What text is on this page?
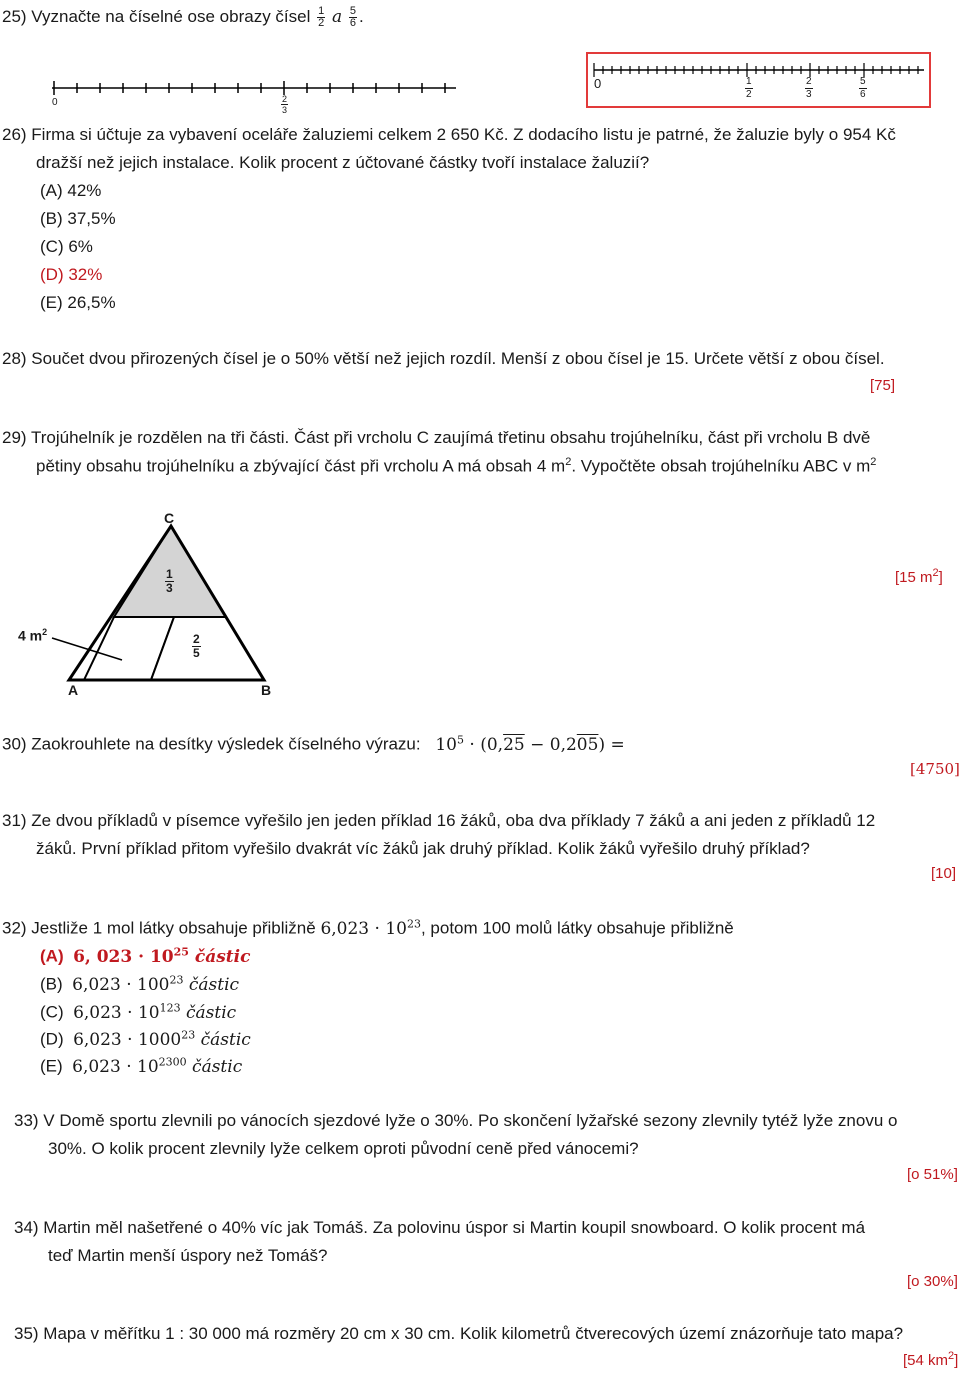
25) Vyznačte na číselné ose obrazy čísel $\frac{1}{2}$ a $\frac{5}{6}$ .
0	$\frac{2}{3}$
0	$\frac{1}{2}$	$\frac{2}{3}$	$\frac{5}{6}$
26) Firma si účtuje za vybavení oceláře žaluziemi celkem 2 650 Kč. Z dodacího listu je patrné, že žaluzie byly o 954 Kč
dražší než jejich instalace. Kolik procent z účtované částky tvoří instalace žaluzií?
(A) 42%
(B) 37,5%
(C) 6%
(D) 32%
(E) 26,5%
28) Součet dvou přirozených čísel je o 50% větší než jejich rozdíl. Menší z obou čísel je 15. Určete větší z obou čísel.
[75]
29) Trojúhelník je rozdělen na tři části. Část při vrcholu C zaujímá třetinu obsahu trojúhelníku, část při vrcholu B dvě
pětiny obsahu trojúhelníku a zbývající část při vrcholu A má obsah 4 $m^2$. Vypočtěte obsah trojúhelníku ABC v $m^2$
[15 $m^2$]
C
A	B
4 $m^2$
$\frac{1}{3}$
$\frac{2}{5}$
30) Zaokrouhlete na desítky výsledek číselného výrazu: $10^5 \cdot (0,25 - 0,205)$ =
[4750]
31) Ze dvou příkladů v písemce vyřešilo jen jeden příklad 16 žáků, oba dva příklady 7 žáků a ani jeden z příkladů 12
žáků. První příklad přitom vyřešilo dvakrát víc žáků jak druhý příklad. Kolik žáků vyřešilo druhý příklad?
[10]
32) Jestliže 1 mol látky obsahuje přibližně $6,023 \cdot 10^{23}$, potom 100 molů látky obsahuje přibližně
(A) 6, $023 \cdot 10^{25}$ částic
(B) $6,023 \cdot 100^{23}$ částic
(C) $6,023 \cdot 10^{123}$ částic
(D) $6,023 \cdot 1000^{23}$ částic
(E) $6,023 \cdot 10^{2300}$ částic
33) V Domě sportu zlevnili po vánocích sjezdové lyže o 30%. Po skončení lyžařské sezony zlevnily tytéž lyže znovu o
30%. O kolik procent zlevnily lyže celkem oproti původní ceně před vánocemi?
[o 51%]
34) Martin měl našetřené o 40% víc jak Tomáš. Za polovinu úspor si Martin koupil snowboard. O kolik procent má
teď Martin menší úspory než Tomáš?
[o 30%]
35) Mapa v měřítku 1 : 30 000 má rozměry 20 cm x 30 cm. Kolik kilometrů čtverecových území znázorňuje tato mapa?
[54 $km^2$]
